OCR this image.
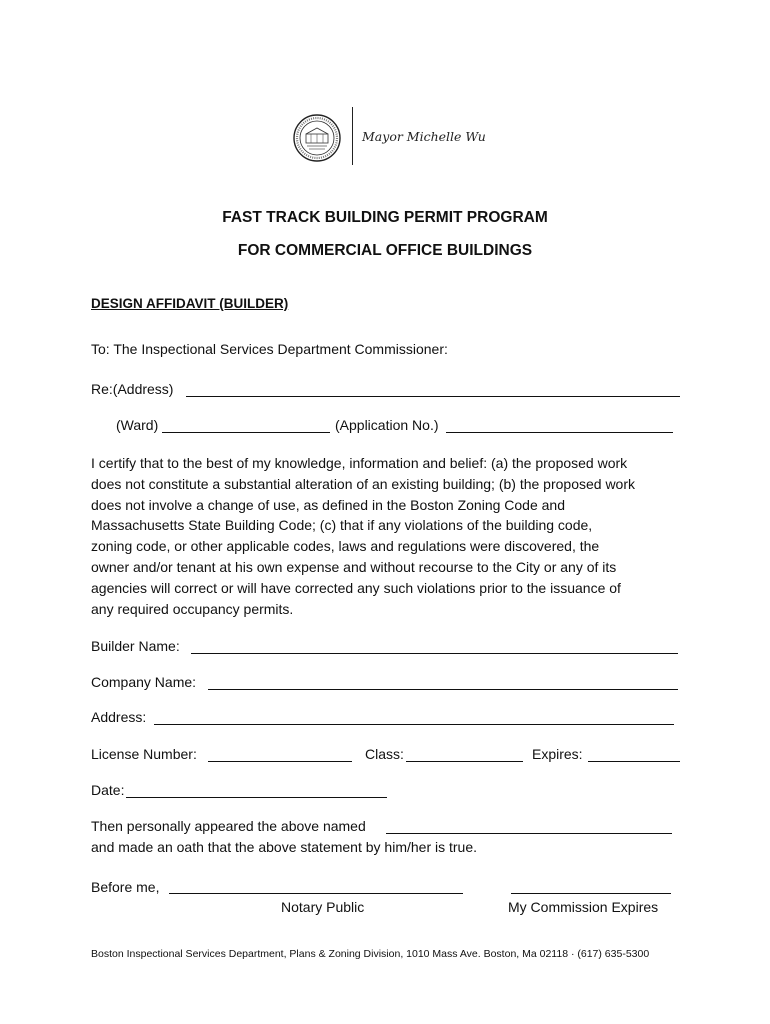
Mayor Michelle Wu
FAST TRACK BUILDING PERMIT PROGRAM
FOR COMMERCIAL OFFICE BUILDINGS
DESIGN AFFIDAVIT (BUILDER)
To: The Inspectional Services Department Commissioner:
Re:(Address)
(Ward)	(Application No.)
I certify that to the best of my knowledge, information and belief: (a) the proposed work
does not constitute a substantial alteration of an existing building; (b) the proposed work
does not involve a change of use, as defined in the Boston Zoning Code and
Massachusetts State Building Code; (c) that if any violations of the building code,
zoning code, or other applicable codes, laws and regulations were discovered, the
owner and/or tenant at his own expense and without recourse to the City or any of its
agencies will correct or will have corrected any such violations prior to the issuance of
any required occupancy permits.
Builder Name:
Company Name:
Address:
License Number:	Class:	Expires:
Date:
Then personally appeared the above named
and made an oath that the above statement by him/her is true.
Before me,
Notary Public	My Commission Expires
Boston Inspectional Services Department, Plans & Zoning Division, 1010 Mass Ave. Boston, Ma 02118 · (617) 635-5300
